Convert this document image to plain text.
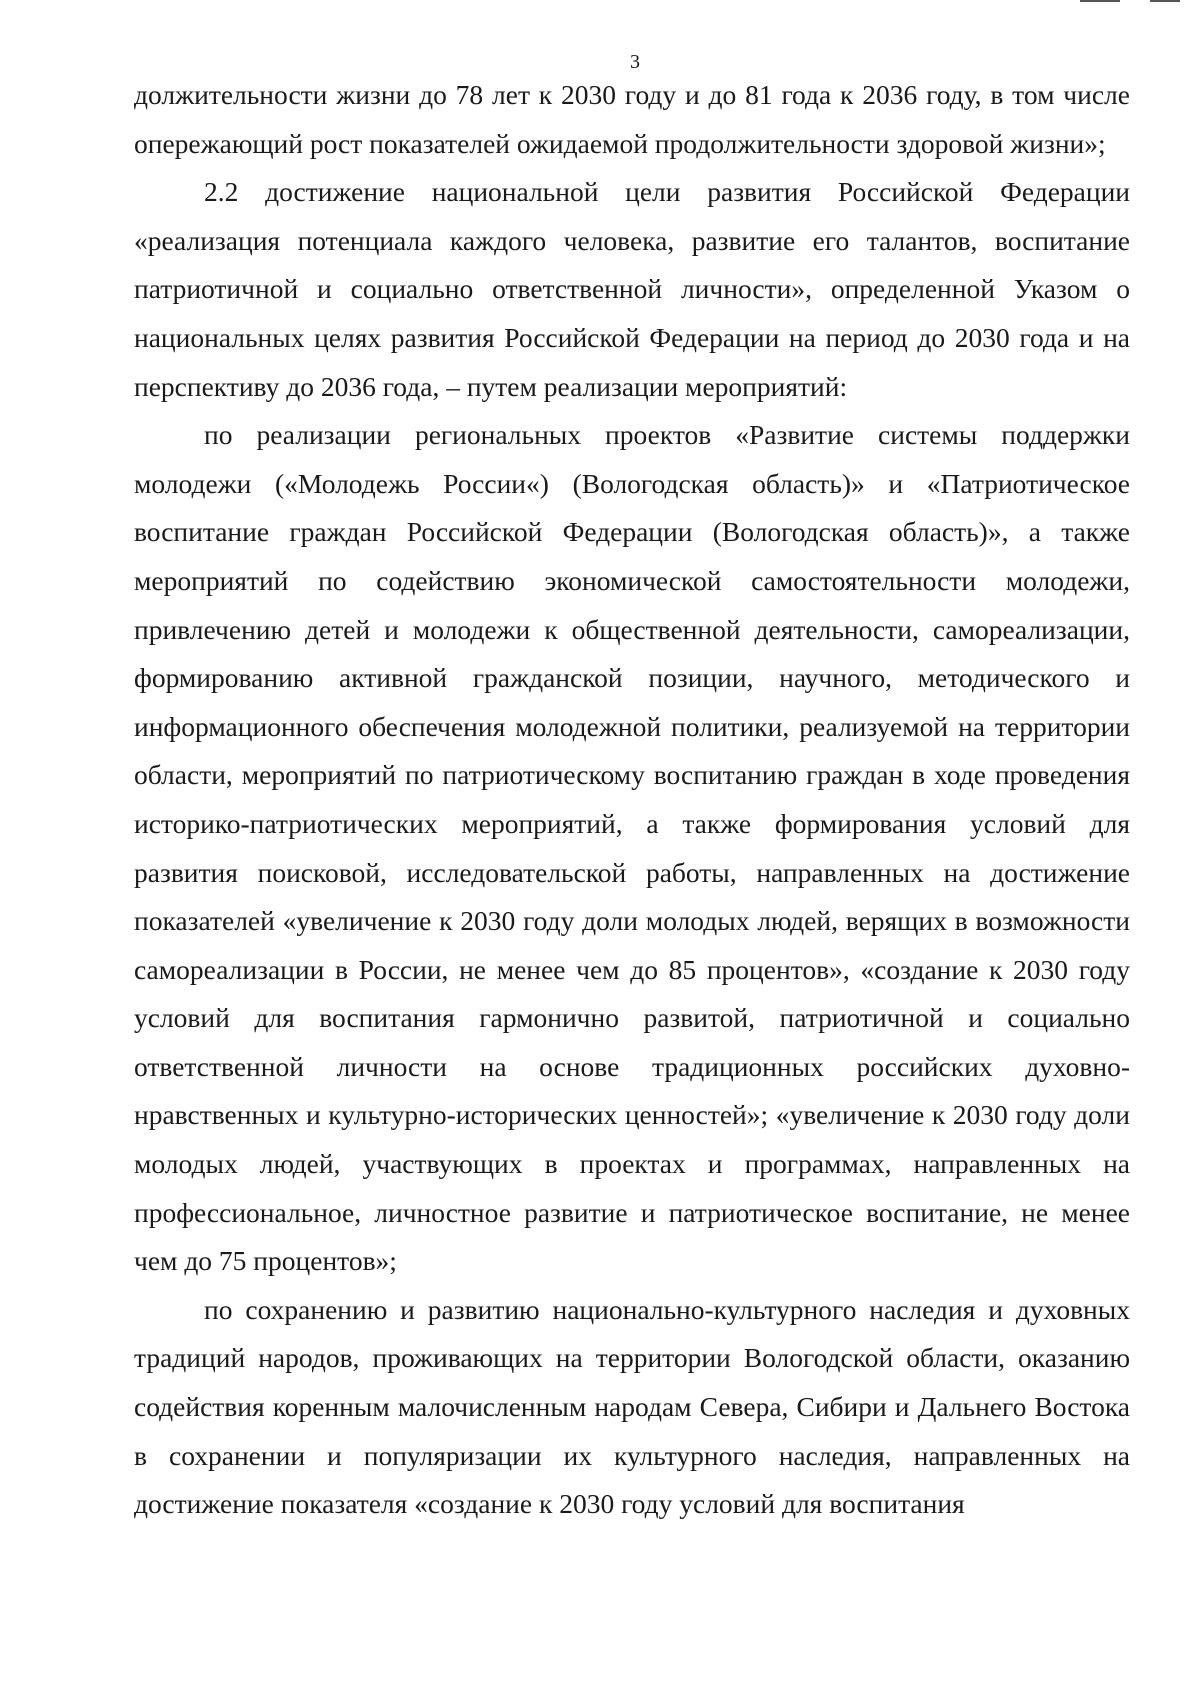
3

должительности жизни до 78 лет к 2030 году и до 81 года к 2036 году, в том числе опережающий рост показателей ожидаемой продолжительности здоровой жизни»;

2.2 достижение национальной цели развития Российской Федерации «реализация потенциала каждого человека, развитие его талантов, воспитание патриотичной и социально ответственной личности», определенной Указом о национальных целях развития Российской Федерации на период до 2030 года и на перспективу до 2036 года, – путем реализации мероприятий:

по реализации региональных проектов «Развитие системы поддержки молодежи («Молодежь России«) (Вологодская область)» и «Патриотическое воспитание граждан Российской Федерации (Вологодская область)», а также мероприятий по содействию экономической самостоятельности молодежи, привлечению детей и молодежи к общественной деятельности, самореализации, формированию активной гражданской позиции, научного, методического и информационного обеспечения молодежной политики, реализуемой на территории области, мероприятий по патриотическому воспитанию граждан в ходе проведения историко-патриотических мероприятий, а также формирования условий для развития поисковой, исследовательской работы, направленных на достижение показателей «увеличение к 2030 году доли молодых людей, верящих в возможности самореализации в России, не менее чем до 85 процентов», «создание к 2030 году условий для воспитания гармонично развитой, патриотичной и социально ответственной личности на основе традиционных российских духовно-нравственных и культурно-исторических ценностей»; «увеличение к 2030 году доли молодых людей, участвующих в проектах и программах, направленных на профессиональное, личностное развитие и патриотическое воспитание, не менее чем до 75 процентов»;

по сохранению и развитию национально-культурного наследия и духовных традиций народов, проживающих на территории Вологодской области, оказанию содействия коренным малочисленным народам Севера, Сибири и Дальнего Востока в сохранении и популяризации их культурного наследия, направленных на достижение показателя «создание к 2030 году условий для воспитания
